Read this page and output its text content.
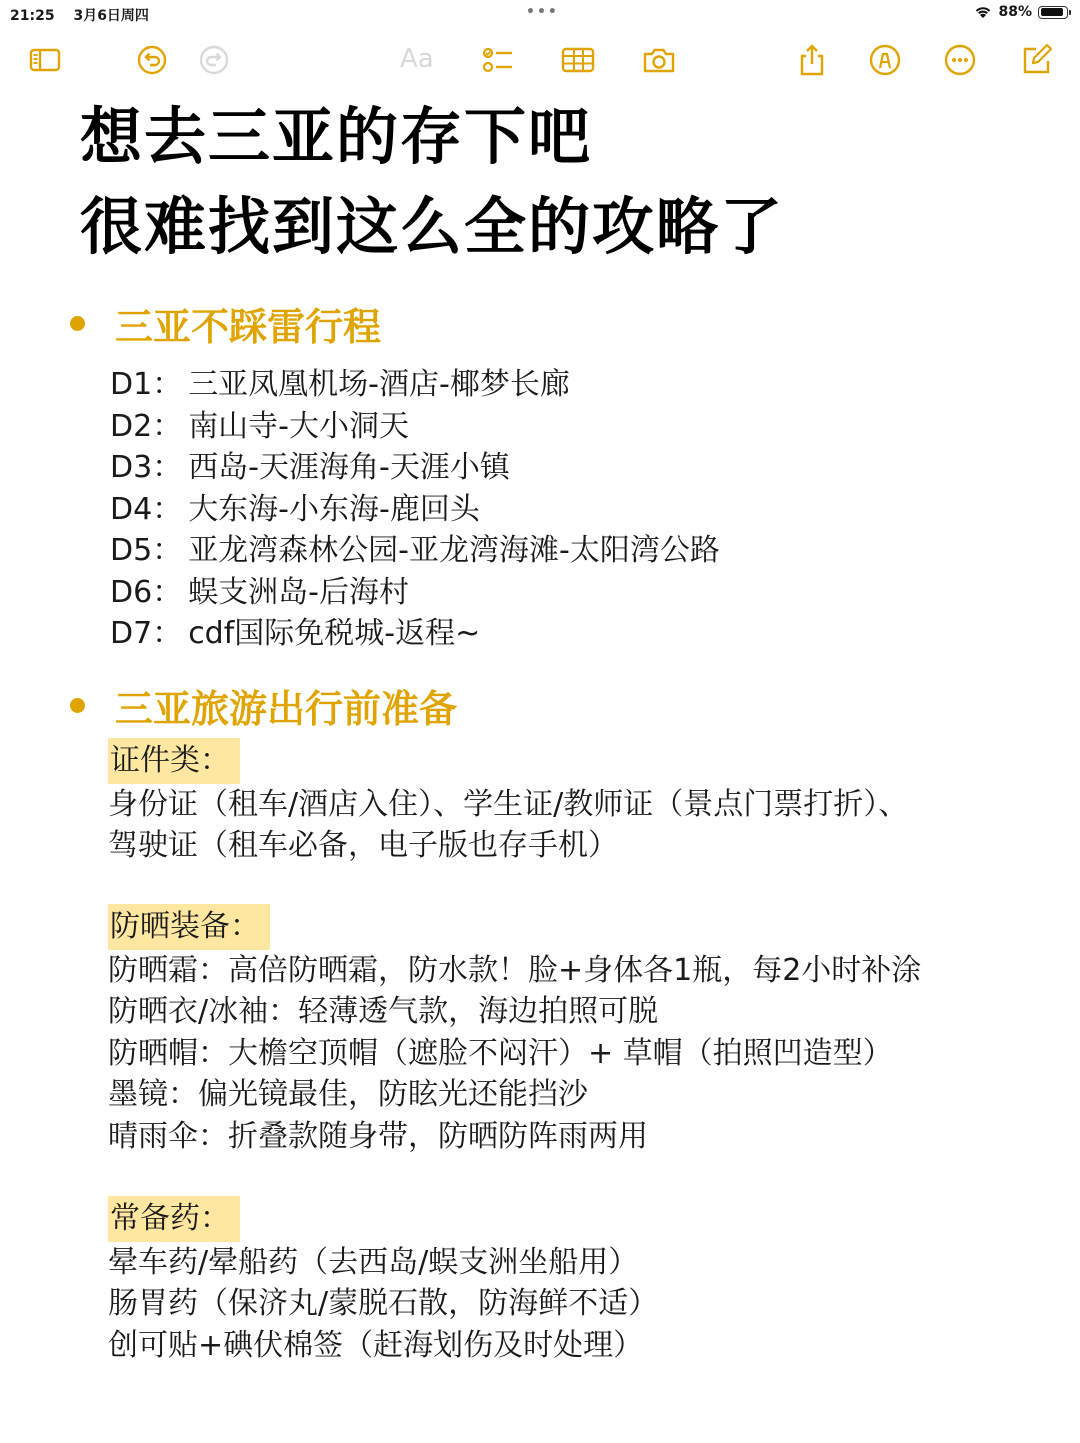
21:25 3月6日周四	•••	88%
Aa
想去三亚的存下吧
很难找到这么全的攻略了
三亚不踩雷行程
D1： 三亚凤凰机场-酒店-椰梦长廊
D2： 南山寺-大小洞天
D3： 西岛-天涯海角-天涯小镇
D4： 大东海-小东海-鹿回头
D5： 亚龙湾森林公园-亚龙湾海滩-太阳湾公路
D6： 蜈支洲岛-后海村
D7： cdf国际免税城-返程~
三亚旅游出行前准备
证件类：
身份证（租车/酒店入住）、学生证/教师证（景点门票打折）、
驾驶证（租车必备，电子版也存手机）
防晒装备：
防晒霜：高倍防晒霜，防水款！脸+身体各1瓶，每2小时补涂
防晒衣/冰袖：轻薄透气款，海边拍照可脱
防晒帽：大檐空顶帽（遮脸不闷汗）+ 草帽（拍照凹造型）
墨镜：偏光镜最佳，防眩光还能挡沙
晴雨伞：折叠款随身带，防晒防阵雨两用
常备药：
晕车药/晕船药（去西岛/蜈支洲坐船用）
肠胃药（保济丸/蒙脱石散，防海鲜不适）
创可贴+碘伏棉签（赶海划伤及时处理）
